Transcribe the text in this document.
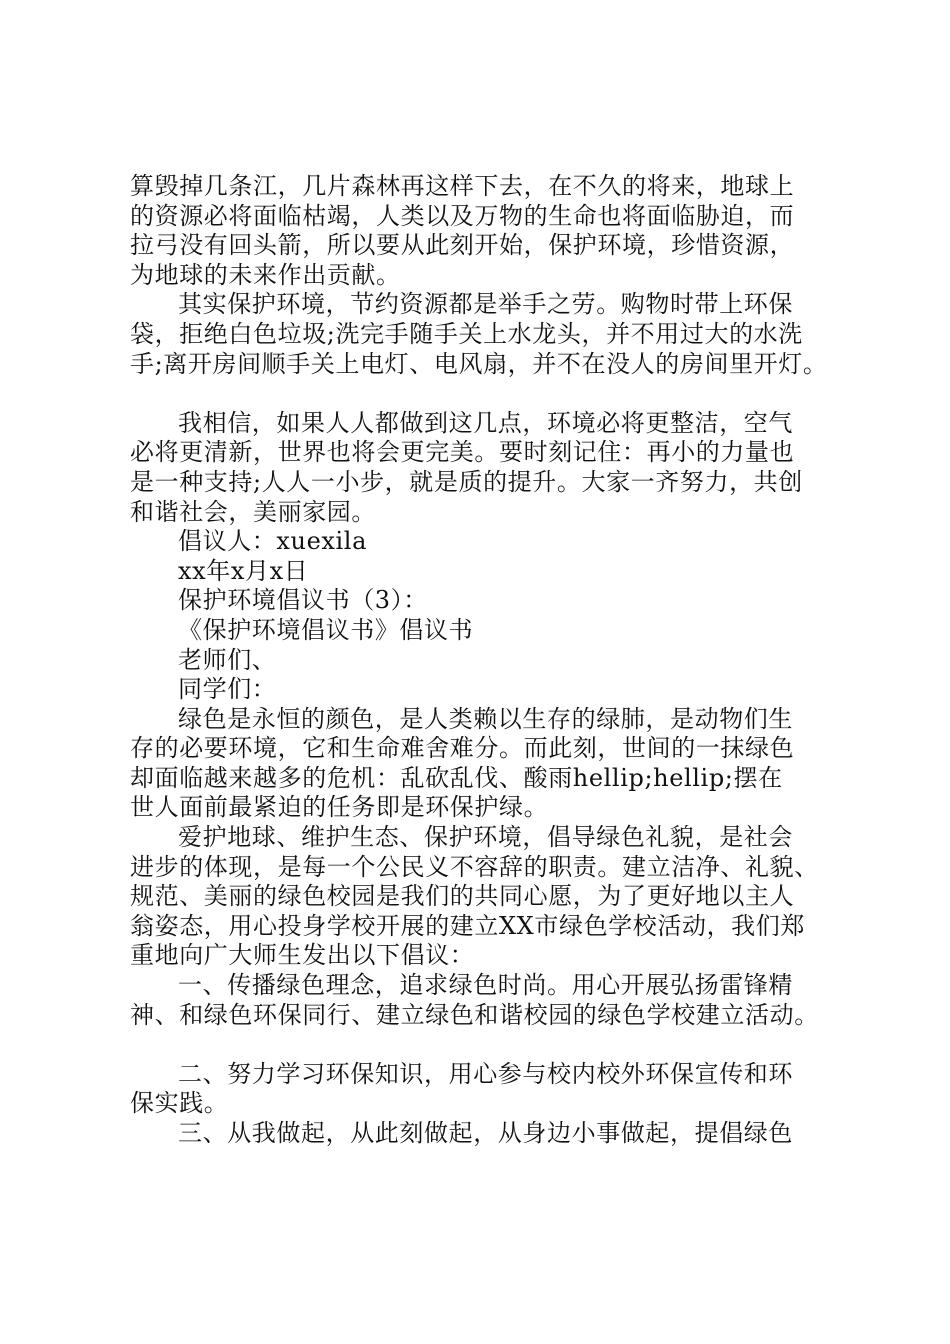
算毁掉几条江，几片森林再这样下去，在不久的将来，地球上
的资源必将面临枯竭，人类以及万物的生命也将面临胁迫，而
拉弓没有回头箭，所以要从此刻开始，保护环境，珍惜资源，
为地球的未来作出贡献。
其实保护环境，节约资源都是举手之劳。购物时带上环保
袋，拒绝白色垃圾;洗完手随手关上水龙头，并不用过大的水洗
手;离开房间顺手关上电灯、电风扇，并不在没人的房间里开灯。
我相信，如果人人都做到这几点，环境必将更整洁，空气
必将更清新，世界也将会更完美。要时刻记住：再小的力量也
是一种支持;人人一小步，就是质的提升。大家一齐努力，共创
和谐社会，美丽家园。
倡议人：xuexila
xx年x月x日
保护环境倡议书（3）：
《保护环境倡议书》倡议书
老师们、
同学们：
绿色是永恒的颜色，是人类赖以生存的绿肺，是动物们生
存的必要环境，它和生命难舍难分。而此刻，世间的一抹绿色
却面临越来越多的危机：乱砍乱伐、酸雨hellip;hellip;摆在
世人面前最紧迫的任务即是环保护绿。
爱护地球、维护生态、保护环境，倡导绿色礼貌，是社会
进步的体现，是每一个公民义不容辞的职责。建立洁净、礼貌、
规范、美丽的绿色校园是我们的共同心愿，为了更好地以主人
翁姿态，用心投身学校开展的建立XX市绿色学校活动，我们郑
重地向广大师生发出以下倡议：
一、传播绿色理念，追求绿色时尚。用心开展弘扬雷锋精
神、和绿色环保同行、建立绿色和谐校园的绿色学校建立活动。
二、努力学习环保知识，用心参与校内校外环保宣传和环
保实践。
三、从我做起，从此刻做起，从身边小事做起，提倡绿色
